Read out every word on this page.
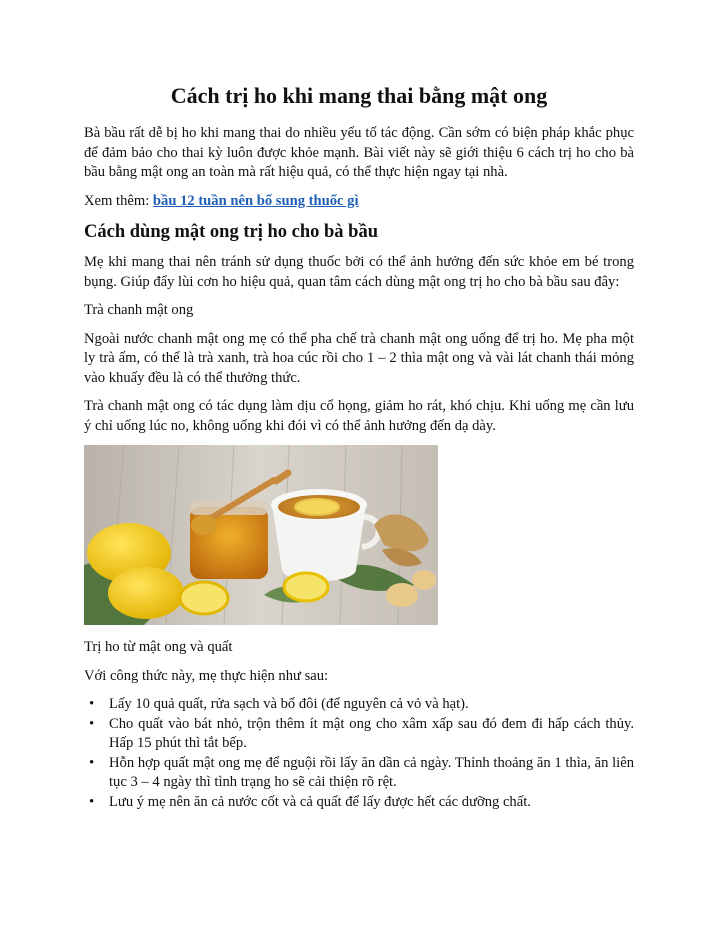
Cách trị ho khi mang thai bằng mật ong

Bà bầu rất dễ bị ho khi mang thai do nhiều yếu tố tác động. Cần sớm có biện pháp khắc phục để đảm bảo cho thai kỳ luôn được khỏe mạnh. Bài viết này sẽ giới thiệu 6 cách trị ho cho bà bầu bằng mật ong an toàn mà rất hiệu quả, có thể thực hiện ngay tại nhà.

Xem thêm: bầu 12 tuần nên bổ sung thuốc gì

Cách dùng mật ong trị ho cho bà bầu

Mẹ khi mang thai nên tránh sử dụng thuốc bởi có thể ảnh hưởng đến sức khỏe em bé trong bụng. Giúp đẩy lùi cơn ho hiệu quả, quan tâm cách dùng mật ong trị ho cho bà bầu sau đây:

Trà chanh mật ong

Ngoài nước chanh mật ong mẹ có thể pha chế trà chanh mật ong uống để trị ho. Mẹ pha một ly trà ấm, có thể là trà xanh, trà hoa cúc rồi cho 1 – 2 thìa mật ong và vài lát chanh thái mỏng vào khuấy đều là có thể thưởng thức.

Trà chanh mật ong có tác dụng làm dịu cổ họng, giảm ho rát, khó chịu. Khi uống mẹ cần lưu ý chỉ uống lúc no, không uống khi đói vì có thể ảnh hưởng đến dạ dày.

Trị ho từ mật ong và quất

Với công thức này, mẹ thực hiện như sau:

• Lấy 10 quả quất, rửa sạch và bổ đôi (để nguyên cả vỏ và hạt).
• Cho quất vào bát nhỏ, trộn thêm ít mật ong cho xâm xấp sau đó đem đi hấp cách thủy. Hấp 15 phút thì tắt bếp.
• Hỗn hợp quất mật ong mẹ để nguội rồi lấy ăn dần cả ngày. Thỉnh thoảng ăn 1 thìa, ăn liên tục 3 – 4 ngày thì tình trạng ho sẽ cải thiện rõ rệt.
• Lưu ý mẹ nên ăn cả nước cốt và cả quất để lấy được hết các dưỡng chất.
